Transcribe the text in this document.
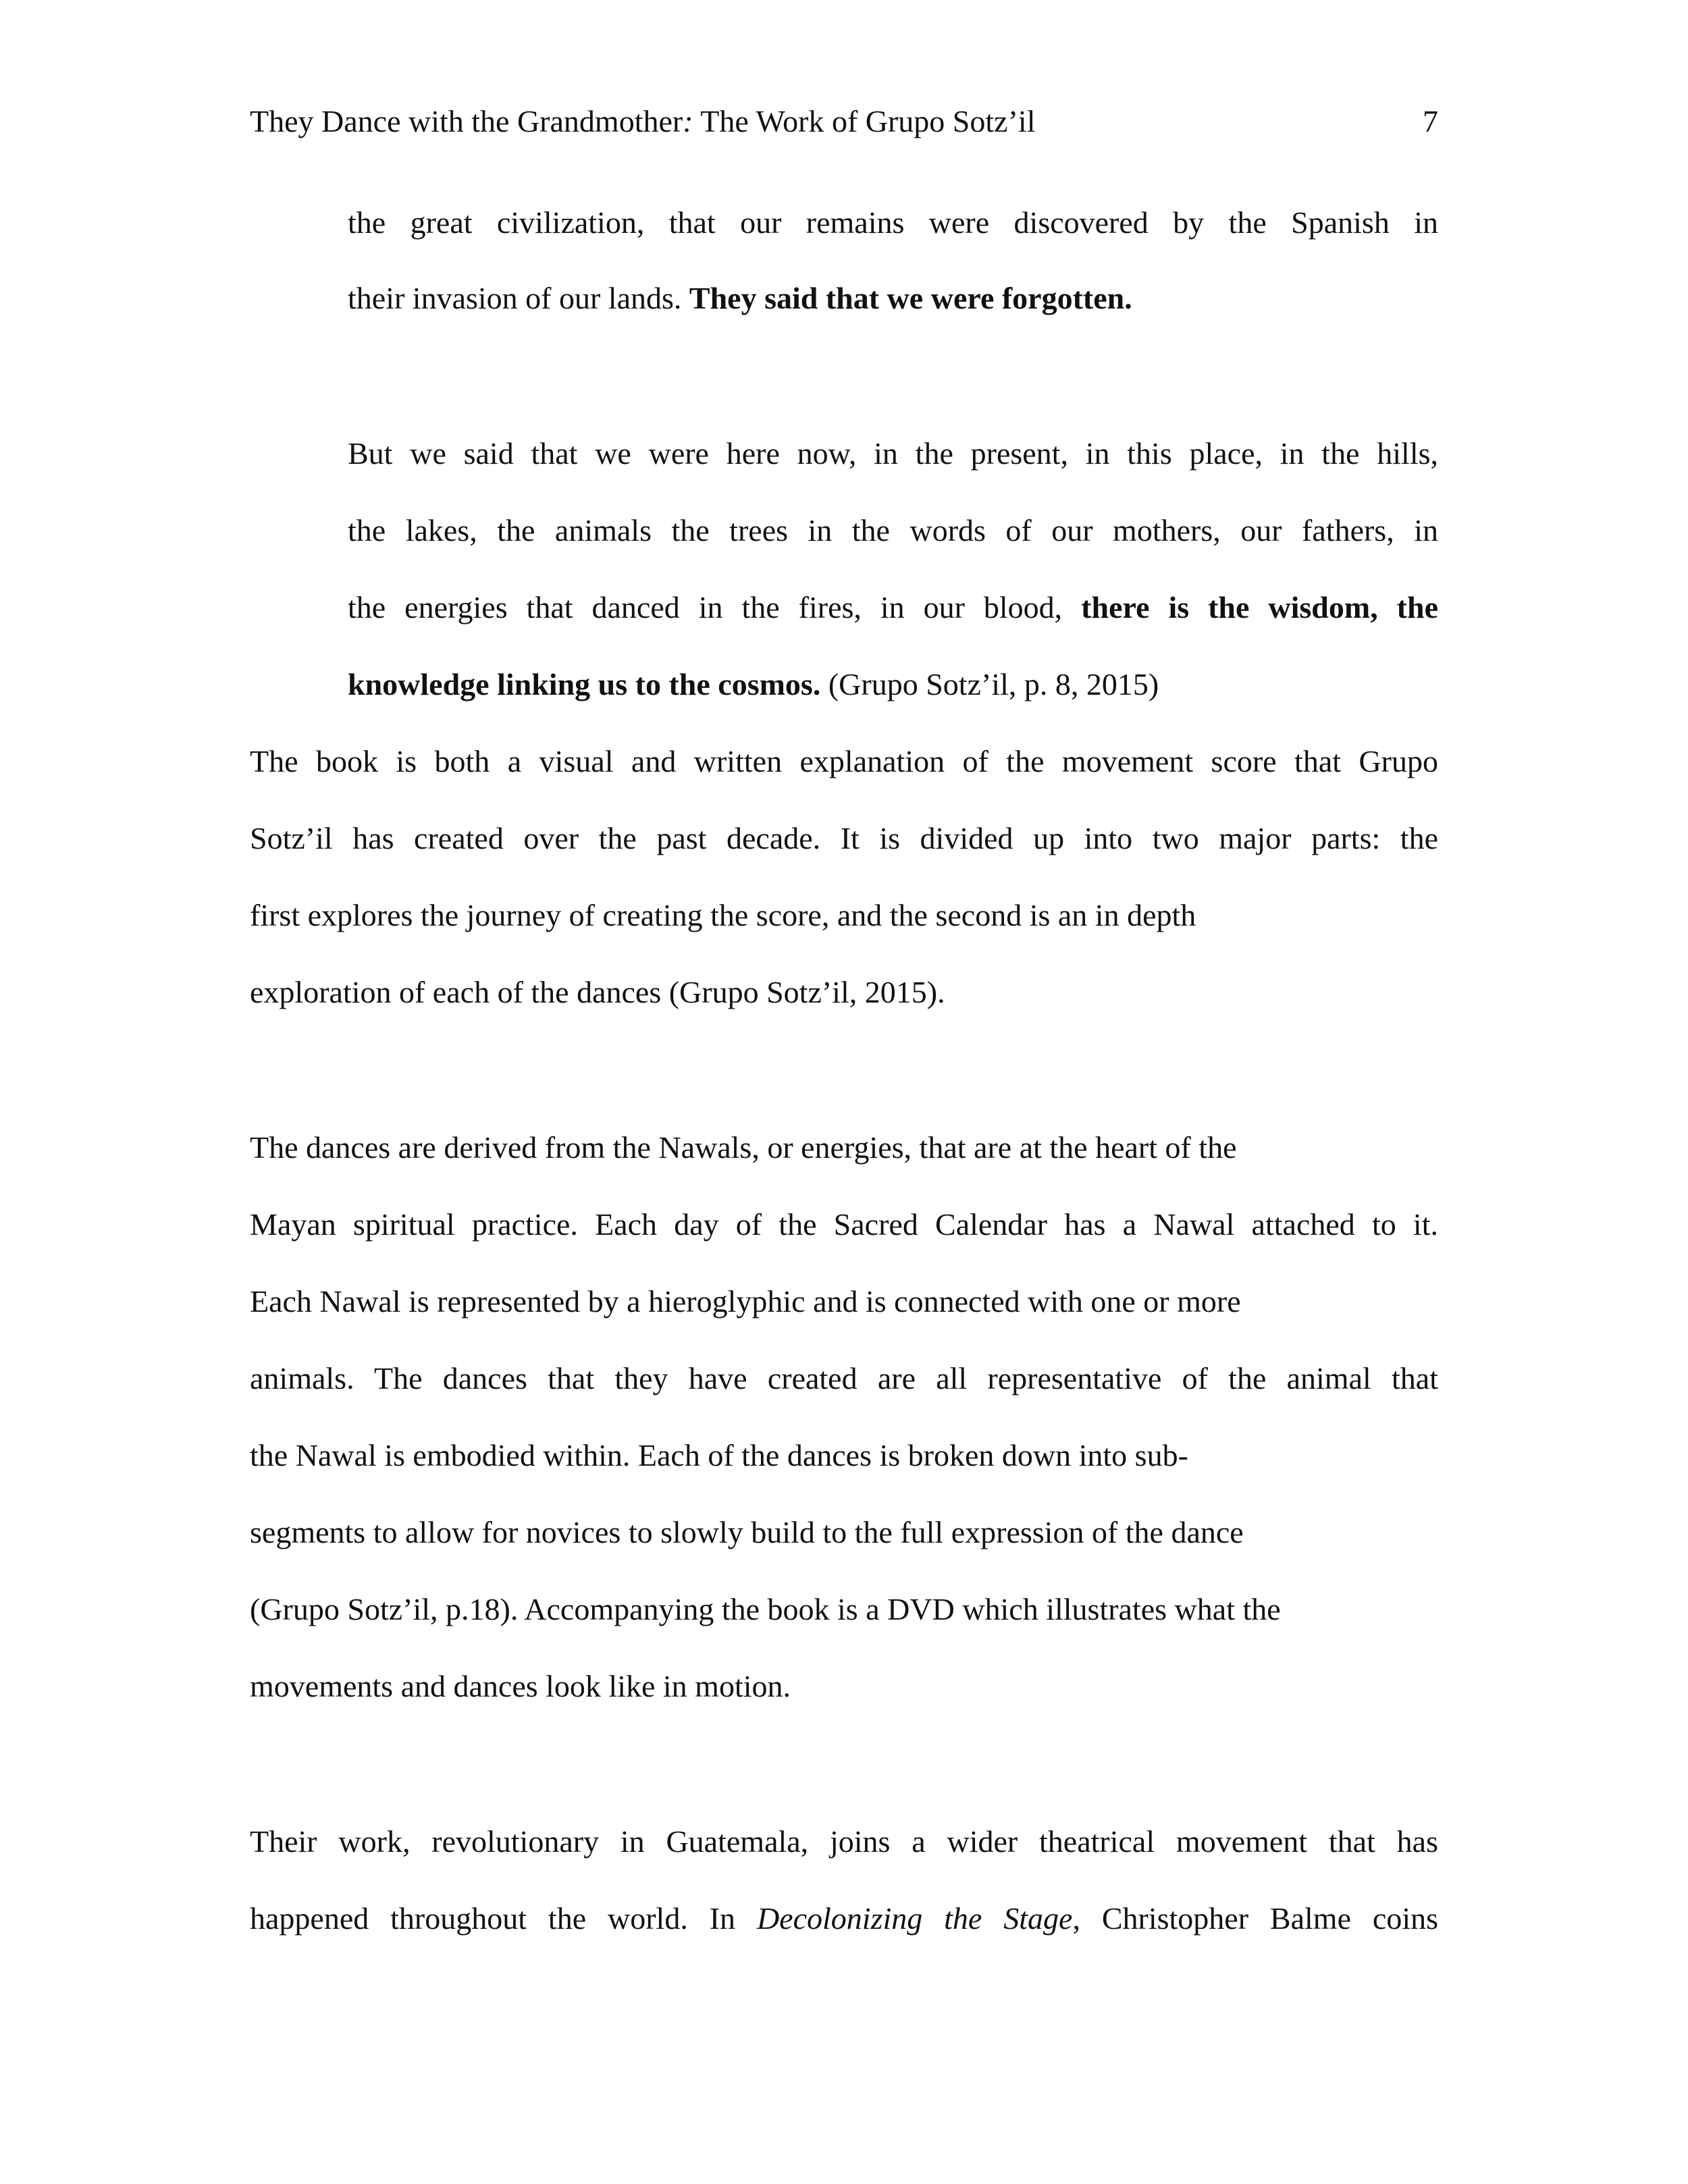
They Dance with the Grandmother: The Work of Grupo Sotz’il	7
the great civilization, that our remains were discovered by the Spanish in
their invasion of our lands. They said that we were forgotten.
But we said that we were here now, in the present, in this place, in the hills,
the lakes, the animals the trees in the words of our mothers, our fathers, in
the energies that danced in the fires, in our blood, there is the wisdom, the
knowledge linking us to the cosmos. (Grupo Sotz’il, p. 8, 2015)
The book is both a visual and written explanation of the movement score that Grupo
Sotz’il has created over the past decade. It is divided up into two major parts: the
first explores the journey of creating the score, and the second is an in depth
exploration of each of the dances (Grupo Sotz’il, 2015).
The dances are derived from the Nawals, or energies, that are at the heart of the
Mayan spiritual practice. Each day of the Sacred Calendar has a Nawal attached to it.
Each Nawal is represented by a hieroglyphic and is connected with one or more
animals. The dances that they have created are all representative of the animal that
the Nawal is embodied within. Each of the dances is broken down into sub-
segments to allow for novices to slowly build to the full expression of the dance
(Grupo Sotz’il, p.18). Accompanying the book is a DVD which illustrates what the
movements and dances look like in motion.
Their work, revolutionary in Guatemala, joins a wider theatrical movement that has
happened throughout the world. In Decolonizing the Stage, Christopher Balme coins
